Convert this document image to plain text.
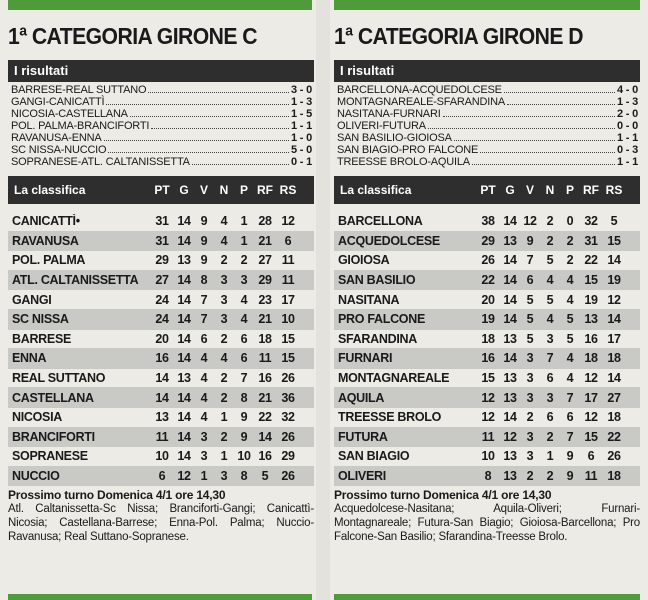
1ª CATEGORIA GIRONE C
I risultati
BARRESE-REAL SUTTANO	3 - 0
GANGI-CANICATTÌ	1 - 3
NICOSIA-CASTELLANA	1 - 5
POL. PALMA-BRANCIFORTI	1 - 1
RAVANUSA-ENNA	1 - 0
SC NISSA-NUCCIO	5 - 0
SOPRANESE-ATL. CALTANISSETTA	0 - 1
La classifica	PT G V N P RF RS
CANICATTÌ•	31 14 9	4	1 28 12
RAVANUSA	31 14 9	4	1 21	6
POL. PALMA	29 13 9	2	2 27 11
ATL. CALTANISSETTA	27 14 8	3	3 29 11
GANGI	24 14 7	3	4 23 17
SC NISSA	24 14 7	3	4 21 10
BARRESE	20 14 6	2	6 18 15
ENNA	16 14 4	4	6 11 15
REAL SUTTANO	14 13 4	2	7 16 26
CASTELLANA	14 14 4	2	8 21 36
NICOSIA	13 14 4	1	9 22 32
BRANCIFORTI	11 14 3	2	9 14 26
SOPRANESE	10 14 3	1 10 16 29
NUCCIO	6 12 1	3	8	5	26
Prossimo turno Domenica 4/1 ore 14,30
Atl. Caltanissetta-Sc Nissa; Branciforti-Gangi; Canicattì-Nicosia; Castellana-Barrese; Enna-Pol. Palma; Nuccio-Ravanusa; Real Suttano-Sopranese.
1ª CATEGORIA GIRONE D
I risultati
BARCELLONA-ACQUEDOLCESE	4 - 0
MONTAGNAREALE-SFARANDINA	1 - 3
NASITANA-FURNARI	2 - 0
OLIVERI-FUTURA	0 - 0
SAN BASILIO-GIOIOSA	1 - 1
SAN BIAGIO-PRO FALCONE	0 - 3
TREESSE BROLO-AQUILA	1 - 1
La classifica	PT G V N P RF RS
BARCELLONA	38 14 12 2	0 32	5
ACQUEDOLCESE	29 13 9	2	2 31 15
GIOIOSA	26 14 7	5	2 22 14
SAN BASILIO	22 14 6	4	4 15 19
NASITANA	20 14 5	5	4 19 12
PRO FALCONE	19 14 5	4	5 13 14
SFARANDINA	18 13 5	3	5 16 17
FURNARI	16 14 3	7	4 18 18
MONTAGNAREALE	15 13 3	6	4 12 14
AQUILA	12 13 3	3	7 17 27
TREESSE BROLO	12 14 2	6	6 12 18
FUTURA	11 12 3	2	7 15 22
SAN BIAGIO	10 13 3	1	9	6	26
OLIVERI	8 13 2	2	9 11 18
Prossimo turno Domenica 4/1 ore 14,30
Acquedolcese-Nasitana; Aquila-Oliveri; Furnari-Montagnareale; Futura-San Biagio; Gioiosa-Barcellona; Pro Falcone-San Basilio; Sfarandina-Treesse Brolo.
